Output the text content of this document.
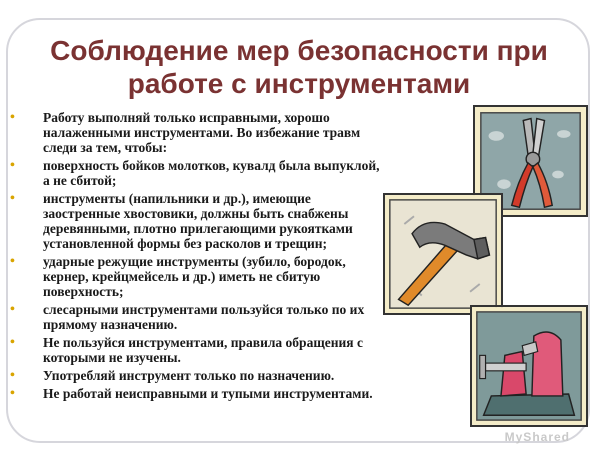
Соблюдение мер безопасности при работе с инструментами
• Работу выполняй только исправными, хорошо налаженными инструментами. Во избежание травм следи за тем, чтобы:
• поверхность бойков молотков, кувалд была выпуклой, а не сбитой;
• инструменты (напильники и др.), имеющие заостренные хвостовики, должны быть снабжены деревянными, плотно прилегающими рукоятками установленной формы без расколов и трещин;
• ударные режущие инструменты (зубило, бородок, кернер, крейцмейсель и др.) иметь не сбитую поверхность;
• слесарными инструментами пользуйся только по их прямому назначению.
• Не пользуйся инструментами, правила обращения с которыми не изучены.
• Употребляй инструмент только по назначению.
• Не работай неисправными и тупыми инструментами.
MyShared
